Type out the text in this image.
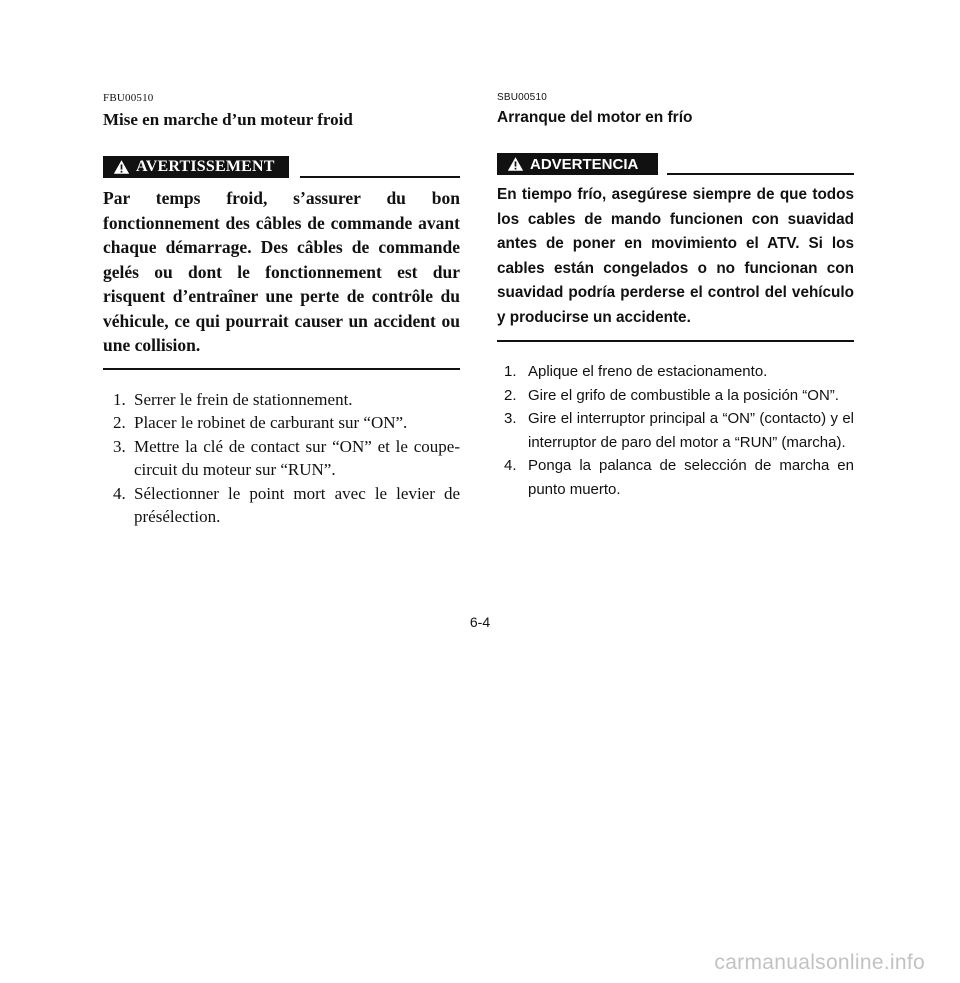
FBU00510

Mise en marche d’un moteur froid
AVERTISSEMENT

Par temps froid, s’assurer du bon fonctionnement des câbles de commande avant chaque démarrage. Des câbles de commande gelés ou dont le fonctionnement est dur risquent d’entraîner une perte de contrôle du véhicule, ce qui pourrait causer un accident ou une collision.

1. Serrer le frein de stationnement.
2. Placer le robinet de carburant sur “ON”.
3. Mettre la clé de contact sur “ON” et le coupe-circuit du moteur sur “RUN”.
4. Sélectionner le point mort avec le levier de présélection.

SBU00510

Arranque del motor en frío
ADVERTENCIA

En tiempo frío, asegúrese siempre de que todos los cables de mando funcionen con suavidad antes de poner en movimiento el ATV. Si los cables están congelados o no funcionan con suavidad podría perderse el control del vehículo y producirse un accidente.

1. Aplique el freno de estacionamento.
2. Gire el grifo de combustible a la posición “ON”.
3. Gire el interruptor principal a “ON” (contacto) y el interruptor de paro del motor a “RUN” (marcha).
4. Ponga la palanca de selección de marcha en punto muerto.
6-4
carmanualsonline.info
